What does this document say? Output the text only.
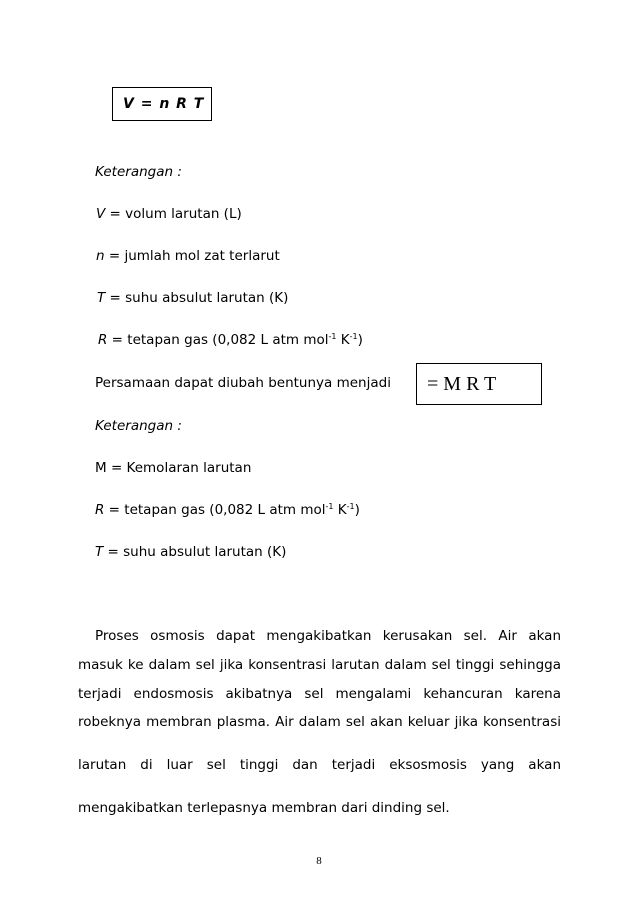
V = n R T
Keterangan :
V = volum larutan (L)
n = jumlah mol zat terlarut
T = suhu absulut larutan (K)
R = tetapan gas (0,082 L atm mol$^{-1}$ $K^{-1}$)
Persamaan dapat diubah bentunya menjadi = M R T
Keterangan :
M = Kemolaran larutan
R = tetapan gas (0,082 L atm mol$^{-1}$ $K^{-1}$)
T = suhu absulut larutan (K)
Proses osmosis dapat mengakibatkan kerusakan sel. Air akan
masuk ke dalam sel jika konsentrasi larutan dalam sel tinggi sehingga
terjadi endosmosis akibatnya sel mengalami kehancuran karena
robeknya membran plasma. Air dalam sel akan keluar jika konsentrasi
larutan di luar sel tinggi dan terjadi eksosmosis yang akan
mengakibatkan terlepasnya membran dari dinding sel.
8
